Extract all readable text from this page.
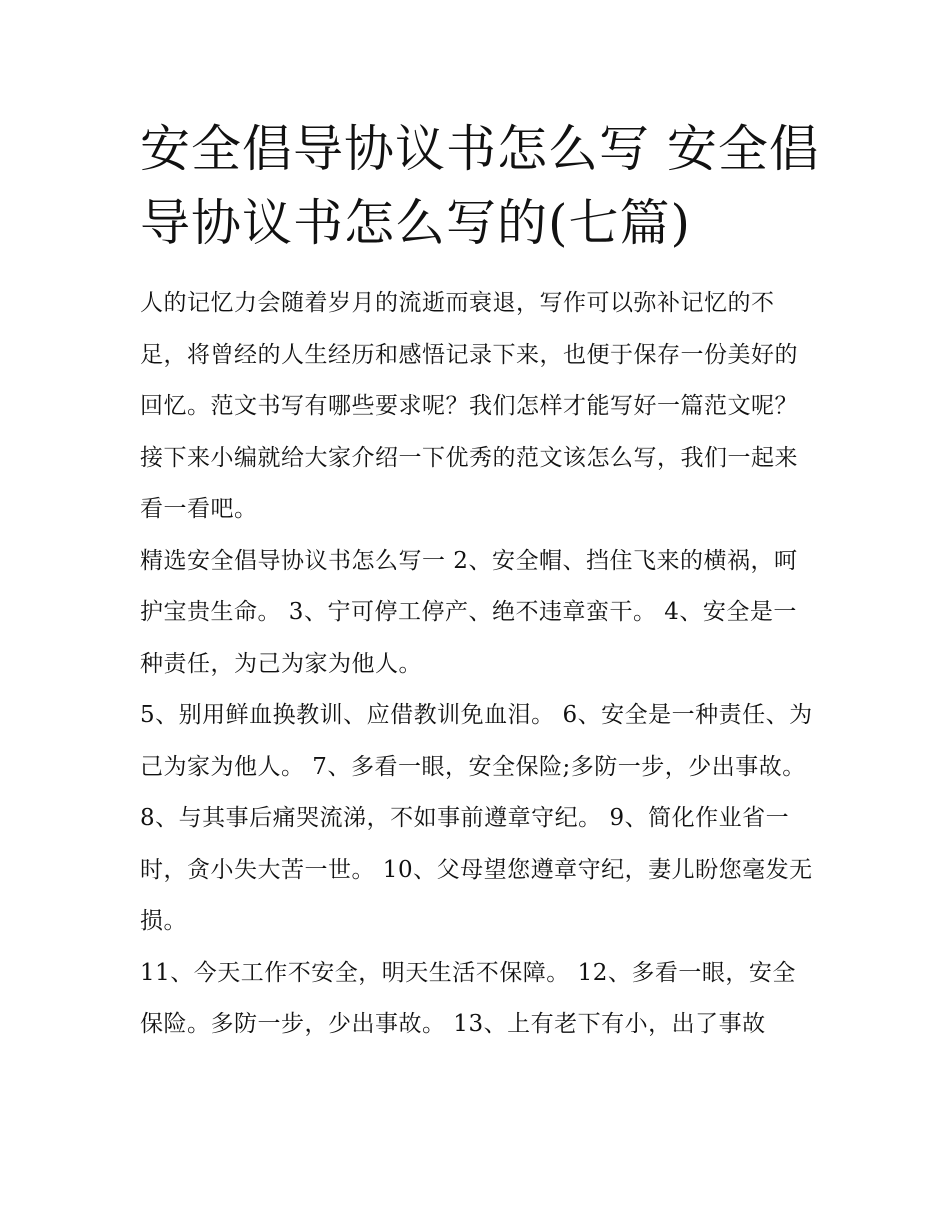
安全倡导协议书怎么写 安全倡导协议书怎么写的(七篇)

人的记忆力会随着岁月的流逝而衰退，写作可以弥补记忆的不足，将曾经的人生经历和感悟记录下来，也便于保存一份美好的回忆。范文书写有哪些要求呢？我们怎样才能写好一篇范文呢？接下来小编就给大家介绍一下优秀的范文该怎么写，我们一起来看一看吧。

精选安全倡导协议书怎么写一 2、安全帽、挡住飞来的横祸，呵护宝贵生命。 3、宁可停工停产、绝不违章蛮干。 4、安全是一种责任，为己为家为他人。

5、别用鲜血换教训、应借教训免血泪。 6、安全是一种责任、为己为家为他人。 7、多看一眼，安全保险;多防一步，少出事故。

8、与其事后痛哭流涕，不如事前遵章守纪。 9、简化作业省一时，贪小失大苦一世。 10、父母望您遵章守纪，妻儿盼您毫发无损。

11、今天工作不安全，明天生活不保障。 12、多看一眼，安全保险。多防一步，少出事故。 13、上有老下有小，出了事故
